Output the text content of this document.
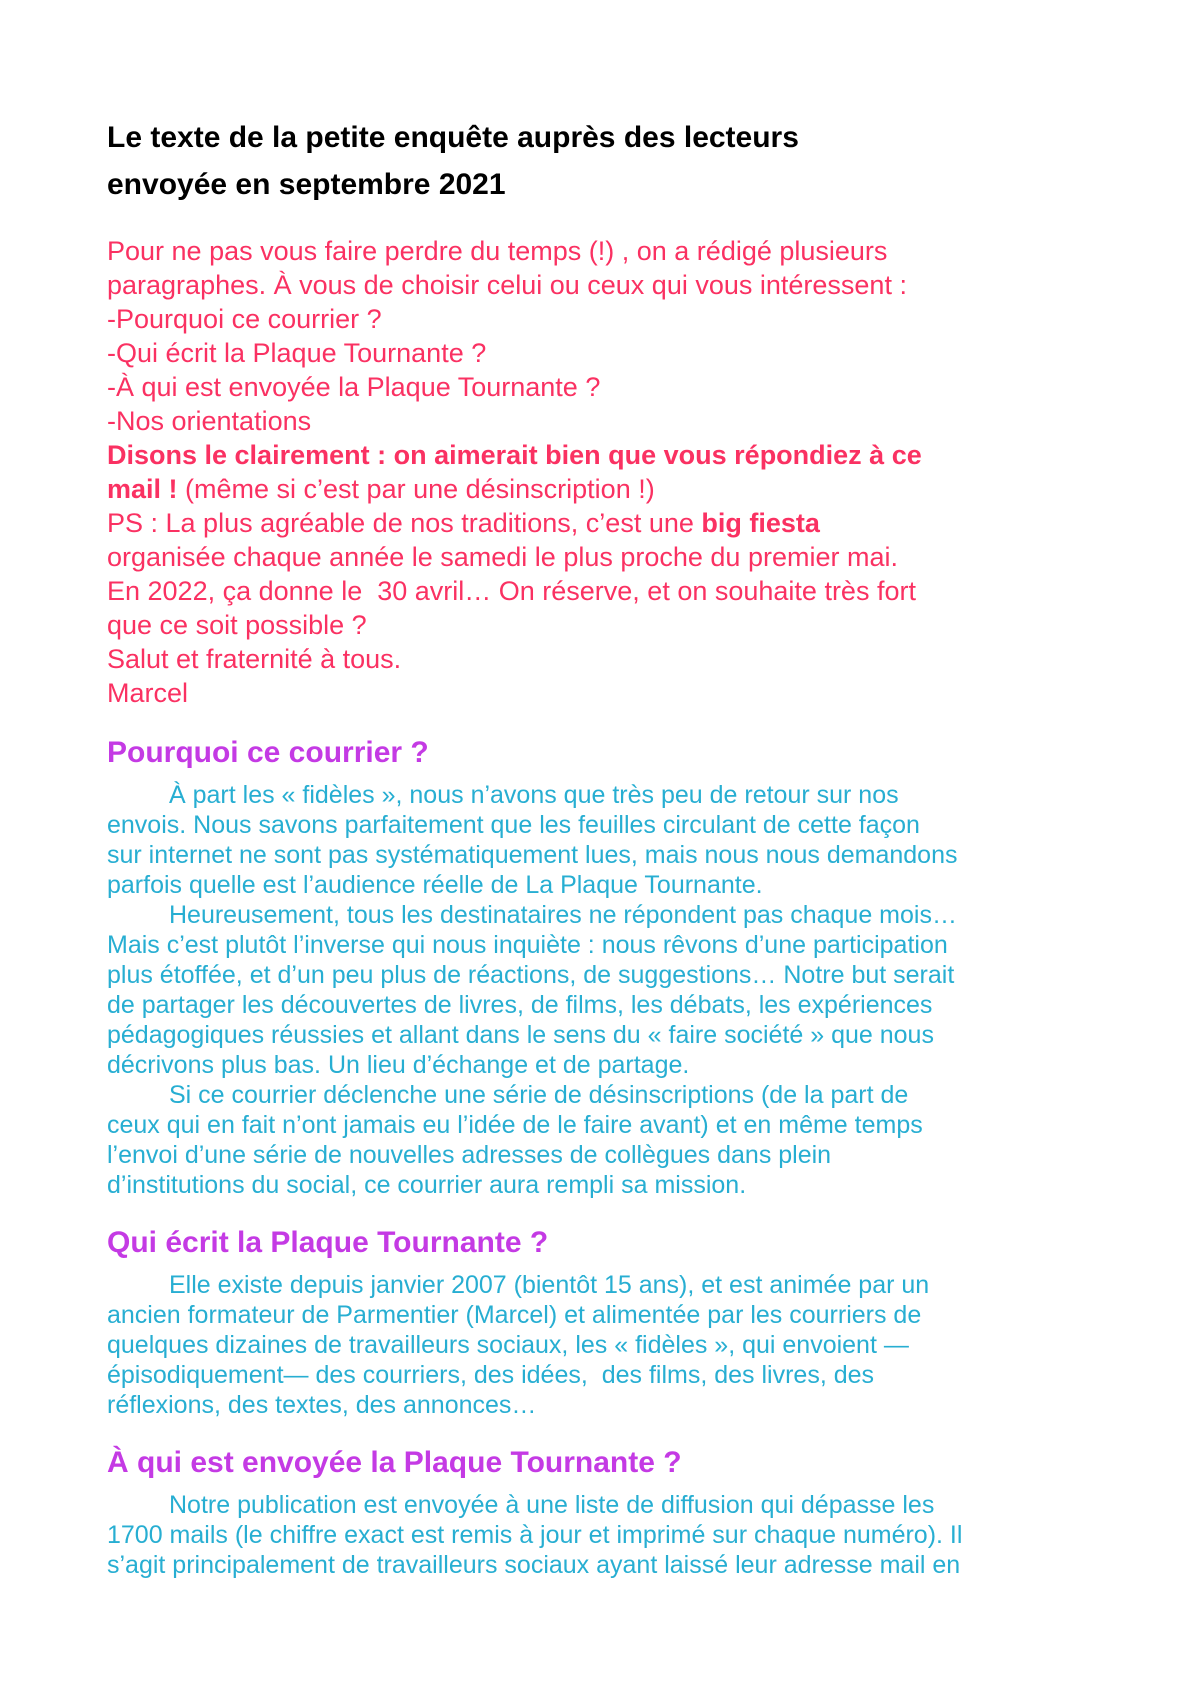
Le texte de la petite enquête auprès des lecteurs
envoyée en septembre 2021
Pour ne pas vous faire perdre du temps (!) , on a rédigé plusieurs
paragraphes. À vous de choisir celui ou ceux qui vous intéressent :
-Pourquoi ce courrier ?
-Qui écrit la Plaque Tournante ?
-À qui est envoyée la Plaque Tournante ?
-Nos orientations
Disons le clairement : on aimerait bien que vous répondiez à ce
mail ! (même si c’est par une désinscription !)
PS : La plus agréable de nos traditions, c’est une big fiesta
organisée chaque année le samedi le plus proche du premier mai.
En 2022, ça donne le  30 avril… On réserve, et on souhaite très fort
que ce soit possible ?
Salut et fraternité à tous.
Marcel
Pourquoi ce courrier ?
À part les « fidèles », nous n’avons que très peu de retour sur nos
envois. Nous savons parfaitement que les feuilles circulant de cette façon
sur internet ne sont pas systématiquement lues, mais nous nous demandons
parfois quelle est l’audience réelle de La Plaque Tournante.
Heureusement, tous les destinataires ne répondent pas chaque mois…
Mais c’est plutôt l’inverse qui nous inquiète : nous rêvons d’une participation
plus étoffée, et d’un peu plus de réactions, de suggestions… Notre but serait
de partager les découvertes de livres, de films, les débats, les expériences
pédagogiques réussies et allant dans le sens du « faire société » que nous
décrivons plus bas. Un lieu d’échange et de partage.
Si ce courrier déclenche une série de désinscriptions (de la part de
ceux qui en fait n’ont jamais eu l’idée de le faire avant) et en même temps
l’envoi d’une série de nouvelles adresses de collègues dans plein
d’institutions du social, ce courrier aura rempli sa mission.
Qui écrit la Plaque Tournante ?
Elle existe depuis janvier 2007 (bientôt 15 ans), et est animée par un
ancien formateur de Parmentier (Marcel) et alimentée par les courriers de
quelques dizaines de travailleurs sociaux, les « fidèles », qui envoient —
épisodiquement— des courriers, des idées,  des films, des livres, des
réflexions, des textes, des annonces…
À qui est envoyée la Plaque Tournante ?
Notre publication est envoyée à une liste de diffusion qui dépasse les
1700 mails (le chiffre exact est remis à jour et imprimé sur chaque numéro). Il
s’agit principalement de travailleurs sociaux ayant laissé leur adresse mail en
